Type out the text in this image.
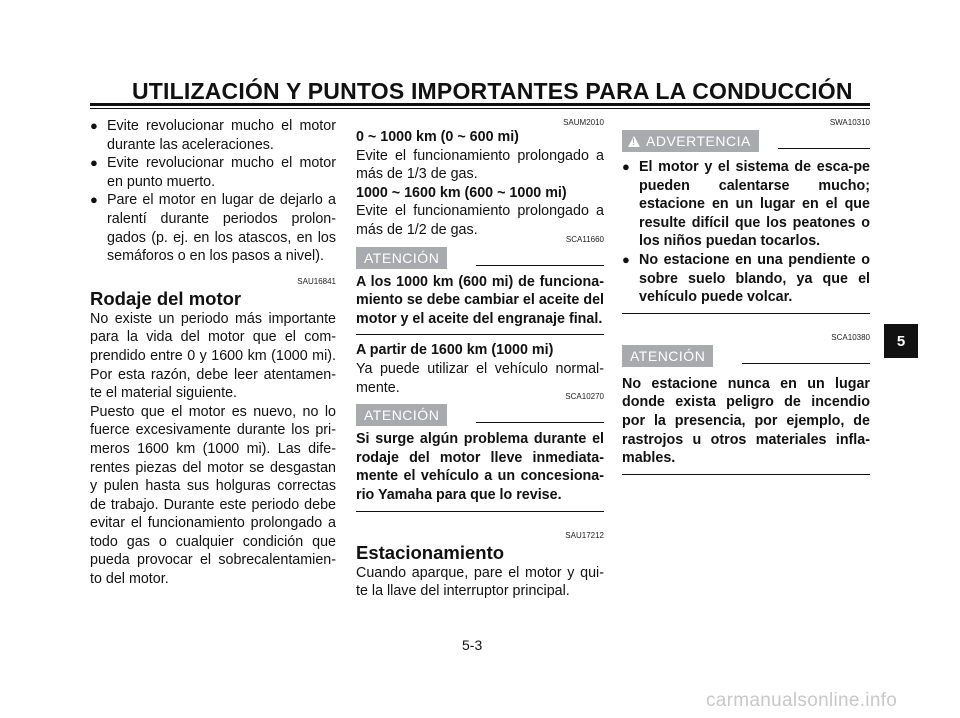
UTILIZACIÓN Y PUNTOS IMPORTANTES PARA LA CONDUCCIÓN
● Evite revolucionar mucho el motor durante las aceleraciones.
● Evite revolucionar mucho el motor en punto muerto.
● Pare el motor en lugar de dejarlo a ralentí durante periodos prolon-gados (p. ej. en los atascos, en los semáforos o en los pasos a nivel).
SAU16841
Rodaje del motor

No existe un periodo más importante para la vida del motor que el com-prendido entre 0 y 1600 km (1000 mi). Por esta razón, debe leer atentamen-te el material siguiente.

Puesto que el motor es nuevo, no lo fuerce excesivamente durante los pri-meros 1600 km (1000 mi). Las dife-rentes piezas del motor se desgastan y pulen hasta sus holguras correctas de trabajo. Durante este periodo debe evitar el funcionamiento prolongado a todo gas o cualquier condición que pueda provocar el sobrecalentamien-to del motor.

SAUM2010
0 ~ 1000 km (0 ~ 600 mi)

Evite el funcionamiento prolongado a más de 1/3 de gas.

1000 ~ 1600 km (600 ~ 1000 mi)

Evite el funcionamiento prolongado a más de 1/2 de gas.

SCA11660
ATENCIÓN
A los 1000 km (600 mi) de funciona-miento se debe cambiar el aceite del motor y el aceite del engranaje final.
A partir de 1600 km (1000 mi)

Ya puede utilizar el vehículo normal-mente.

SCA10270
ATENCIÓN
Si surge algún problema durante el rodaje del motor lleve inmediata-mente el vehículo a un concesiona-rio Yamaha para que lo revise.
SAU17212
Estacionamiento

Cuando aparque, pare el motor y qui-te la llave del interruptor principal.

SWA10310
! ADVERTENCIA
● El motor y el sistema de esca-pe pueden calentarse mucho; estacione en un lugar en el que resulte difícil que los peatones o los niños puedan tocarlos.
● No estacione en una pendiente o sobre suelo blando, ya que el vehículo puede volcar.
SCA10380
ATENCIÓN
No estacione nunca en un lugar donde exista peligro de incendio por la presencia, por ejemplo, de rastrojos u otros materiales infla-mables.
5
5-3
carmanualsonline.info
